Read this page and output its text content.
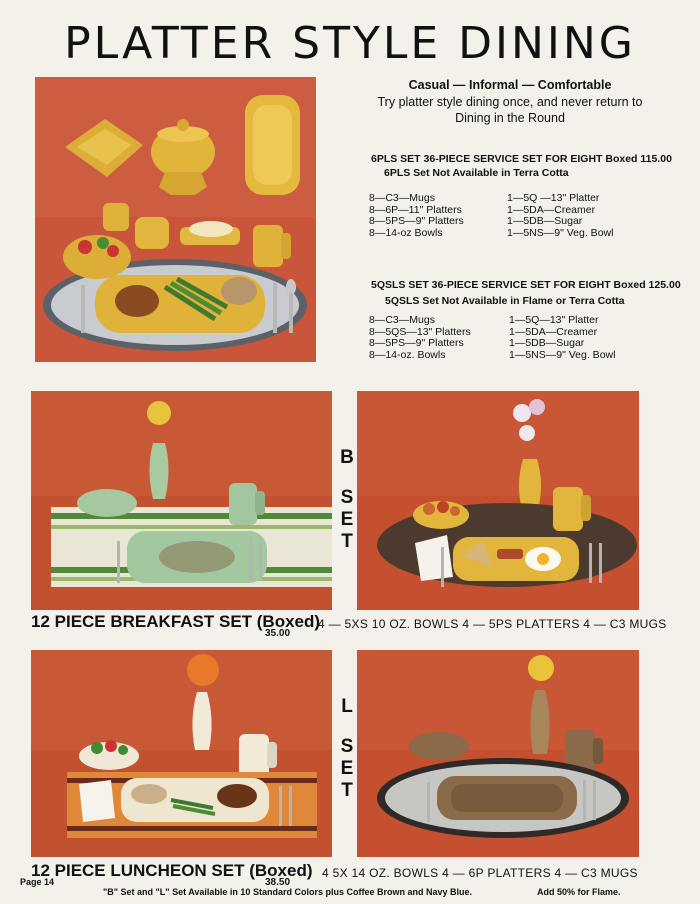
PLATTER STYLE DINING
Casual — Informal — Comfortable
Try platter style dining once, and never return to
Dining in the Round
6PLS SET 36-PIECE SERVICE SET FOR EIGHT Boxed 115.00
6PLS Set Not Available in Terra Cotta
8—C3—Mugs
8—6P—11" Platters
8—5PS—9" Platters
8—14-oz Bowls
1—5Q —13" Platter
1—5DA—Creamer
1—5DB—Sugar
1—5NS—9" Veg. Bowl
5QSLS SET 36-PIECE SERVICE SET FOR EIGHT Boxed 125.00
5QSLS Set Not Available in Flame or Terra Cotta
8—C3—Mugs
8—5QS—13" Platters
8—5PS—9" Platters
8—14-oz. Bowls
1—5Q—13" Platter
1—5DA—Creamer
1—5DB—Sugar
1—5NS—9" Veg. Bowl
B
S
E
T
12 PIECE BREAKFAST SET (Boxed)
35.00
4 — 5XS 10 OZ. BOWLS 4 — 5PS PLATTERS 4 — C3 MUGS
L
S
E
T
12 PIECE LUNCHEON SET (Boxed)
38.50
4 5X 14 OZ. BOWLS 4 — 6P PLATTERS 4 — C3 MUGS
Page 14
"B" Set and "L" Set Available in 10 Standard Colors plus Coffee Brown and Navy Blue.	Add 50% for Flame.
